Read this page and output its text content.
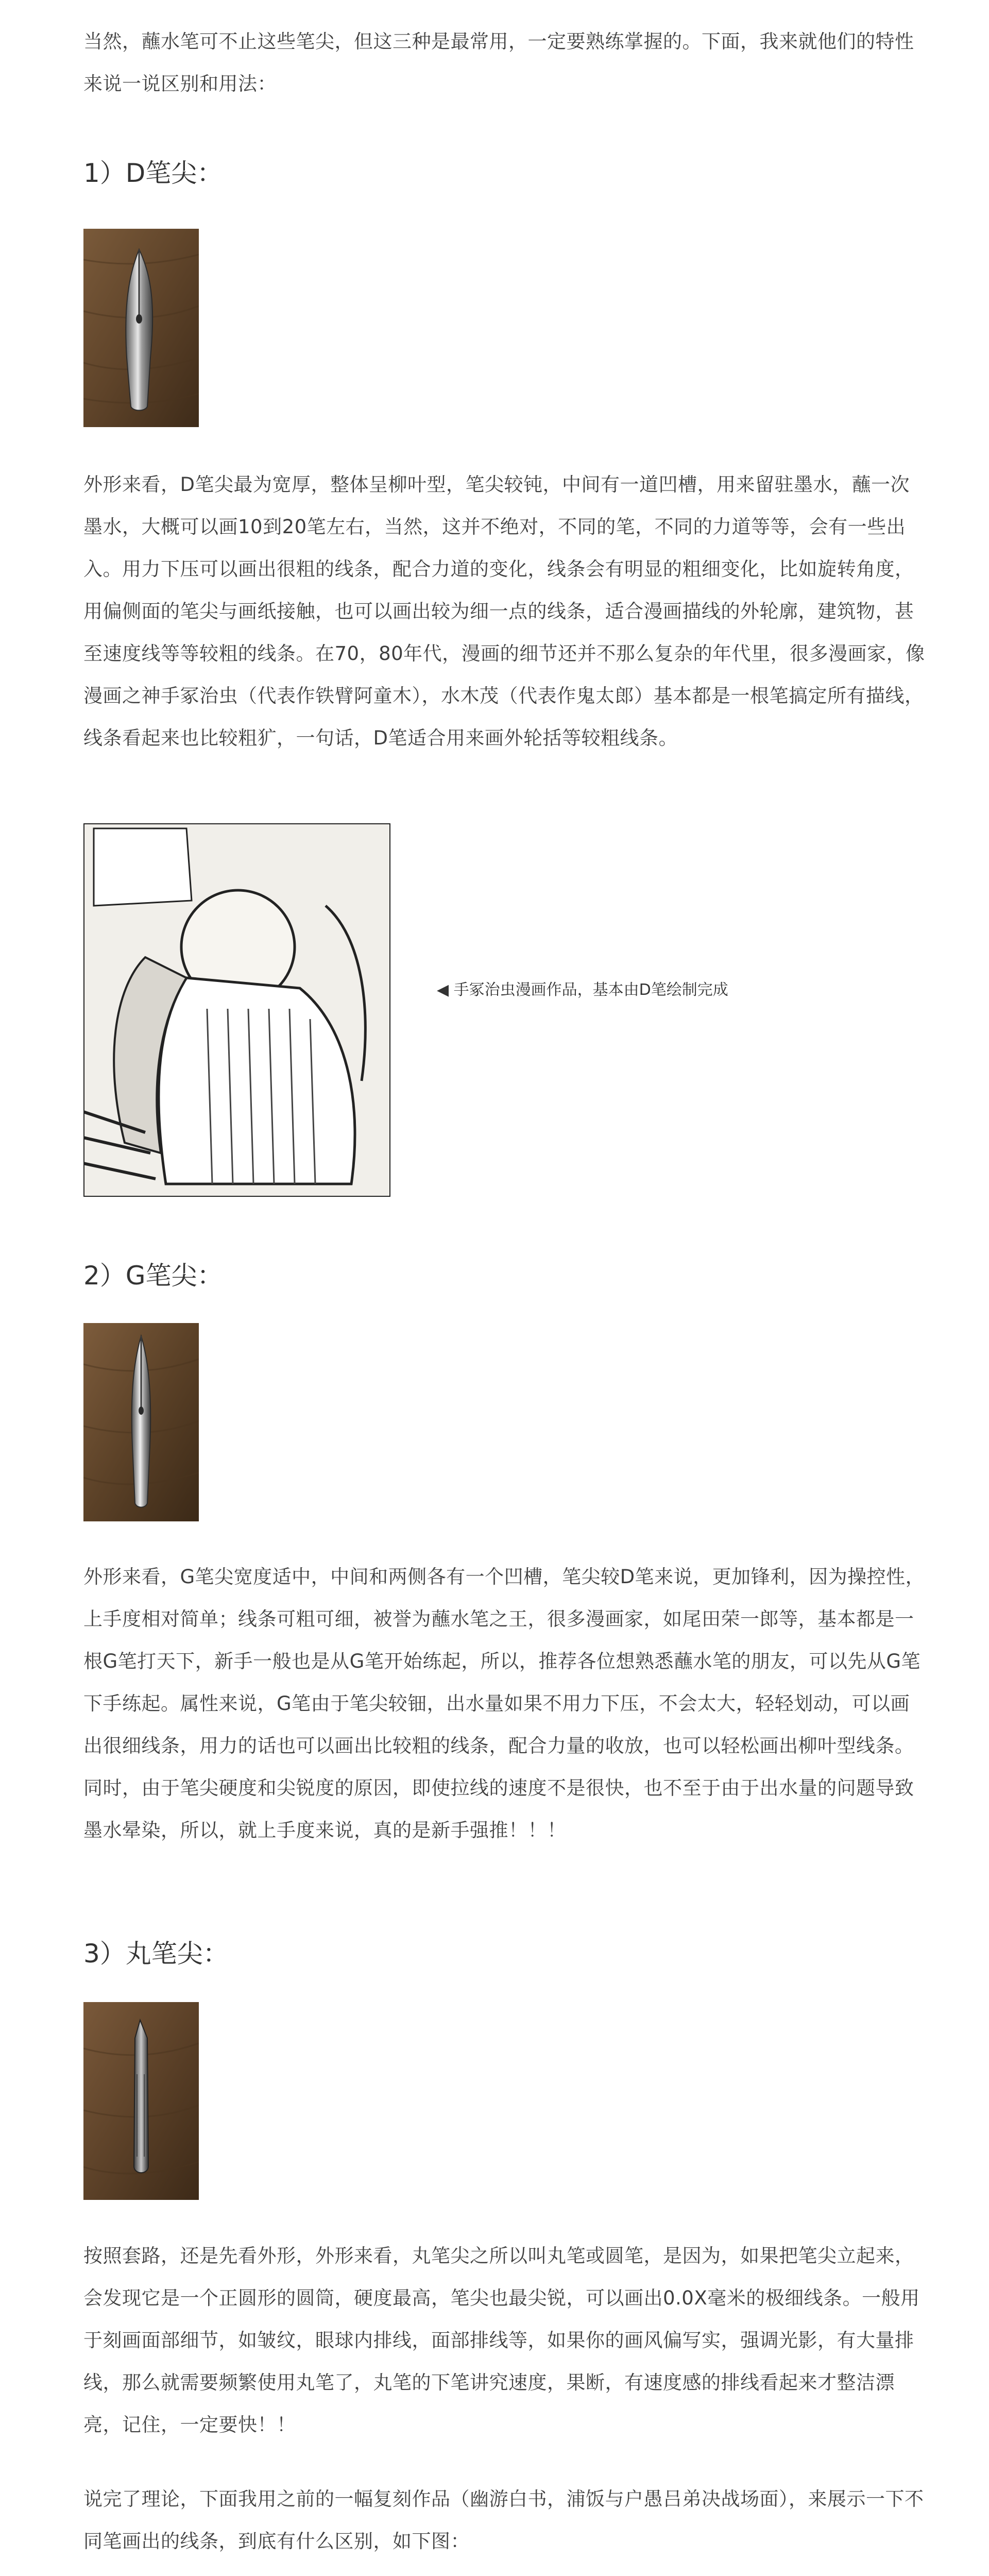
当然，蘸水笔可不止这些笔尖，但这三种是最常用，一定要熟练掌握的。下面，我来就他们的特性来说一说区别和用法：

1）D笔尖：

外形来看，D笔尖最为宽厚，整体呈柳叶型，笔尖较钝，中间有一道凹槽，用来留驻墨水，蘸一次墨水，大概可以画10到20笔左右，当然，这并不绝对，不同的笔，不同的力道等等，会有一些出入。用力下压可以画出很粗的线条，配合力道的变化，线条会有明显的粗细变化，比如旋转角度，用偏侧面的笔尖与画纸接触，也可以画出较为细一点的线条，适合漫画描线的外轮廓，建筑物，甚至速度线等等较粗的线条。在70，80年代，漫画的细节还并不那么复杂的年代里，很多漫画家，像漫画之神手冢治虫（代表作铁臂阿童木），水木茂（代表作鬼太郎）基本都是一根笔搞定所有描线，线条看起来也比较粗犷，一句话，D笔适合用来画外轮括等较粗线条。

◀ 手冢治虫漫画作品，基本由D笔绘制完成
2）G笔尖：

外形来看，G笔尖宽度适中，中间和两侧各有一个凹槽，笔尖较D笔来说，更加锋利，因为操控性，上手度相对简单；线条可粗可细，被誉为蘸水笔之王，很多漫画家，如尾田荣一郎等，基本都是一根G笔打天下，新手一般也是从G笔开始练起，所以，推荐各位想熟悉蘸水笔的朋友，可以先从G笔下手练起。属性来说，G笔由于笔尖较钿，出水量如果不用力下压，不会太大，轻轻划动，可以画出很细线条，用力的话也可以画出比较粗的线条，配合力量的收放，也可以轻松画出柳叶型线条。同时，由于笔尖硬度和尖锐度的原因，即使拉线的速度不是很快，也不至于由于出水量的问题导致墨水晕染，所以，就上手度来说，真的是新手强推！！！

3）丸笔尖：

按照套路，还是先看外形，外形来看，丸笔尖之所以叫丸笔或圆笔，是因为，如果把笔尖立起来，会发现它是一个正圆形的圆筒，硬度最高，笔尖也最尖锐，可以画出0.0X毫米的极细线条。一般用于刻画面部细节，如皱纹，眼球内排线，面部排线等，如果你的画风偏写实，强调光影，有大量排线，那么就需要频繁使用丸笔了，丸笔的下笔讲究速度，果断，有速度感的排线看起来才整洁漂亮，记住，一定要快！！

说完了理论，下面我用之前的一幅复刻作品（幽游白书，浦饭与户愚吕弟决战场面），来展示一下不同笔画出的线条，到底有什么区别，如下图：
